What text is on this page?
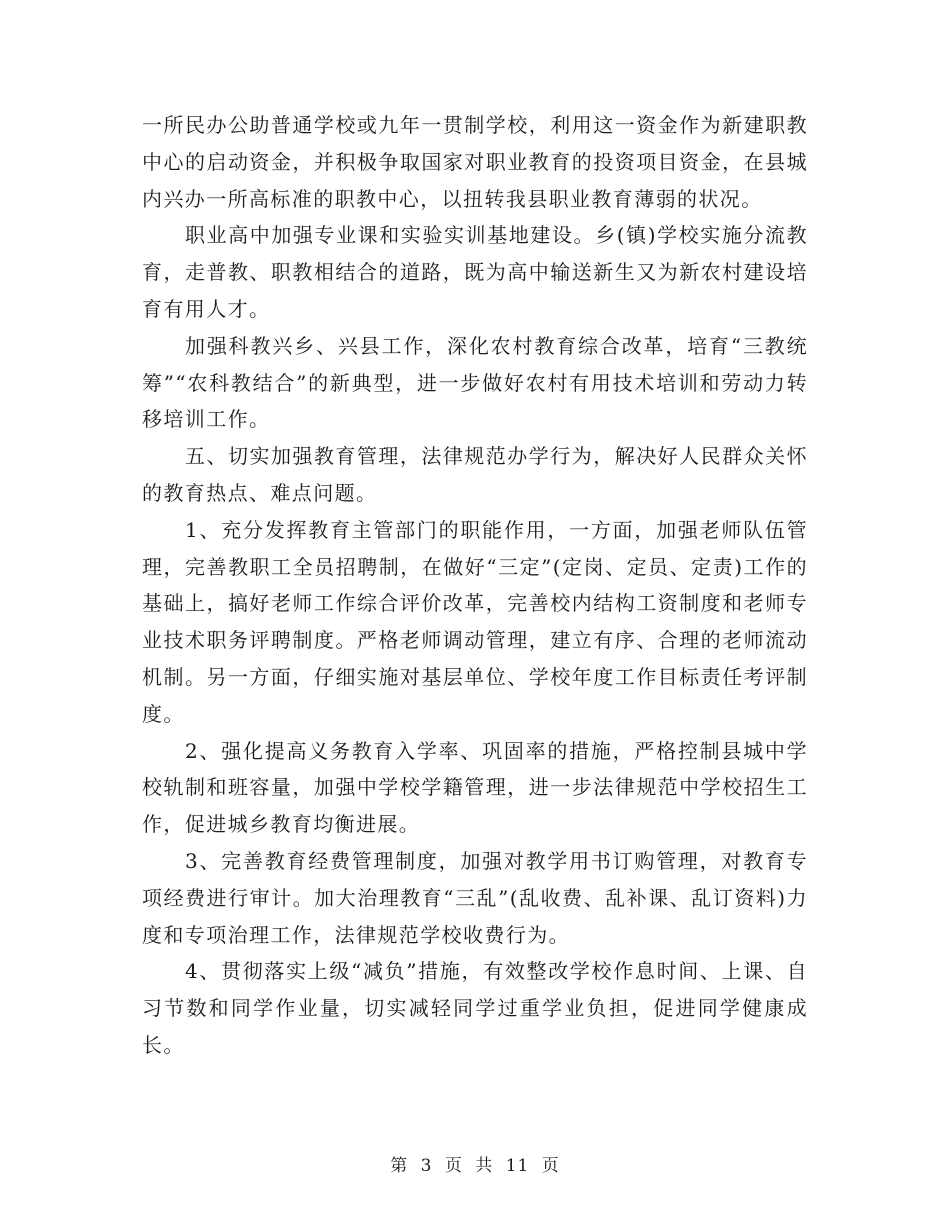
一所民办公助普通学校或九年一贯制学校，利用这一资金作为新建职教中心的启动资金，并积极争取国家对职业教育的投资项目资金，在县城内兴办一所高标准的职教中心，以扭转我县职业教育薄弱的状况。

职业高中加强专业课和实验实训基地建设。乡(镇)学校实施分流教育，走普教、职教相结合的道路，既为高中输送新生又为新农村建设培育有用人才。

加强科教兴乡、兴县工作，深化农村教育综合改革，培育“三教统筹”“农科教结合”的新典型，进一步做好农村有用技术培训和劳动力转移培训工作。

五、切实加强教育管理，法律规范办学行为，解决好人民群众关怀的教育热点、难点问题。

1、充分发挥教育主管部门的职能作用，一方面，加强老师队伍管理，完善教职工全员招聘制，在做好“三定”(定岗、定员、定责)工作的基础上，搞好老师工作综合评价改革，完善校内结构工资制度和老师专业技术职务评聘制度。严格老师调动管理，建立有序、合理的老师流动机制。另一方面，仔细实施对基层单位、学校年度工作目标责任考评制度。

2、强化提高义务教育入学率、巩固率的措施，严格控制县城中学校轨制和班容量，加强中学校学籍管理，进一步法律规范中学校招生工作，促进城乡教育均衡进展。

3、完善教育经费管理制度，加强对教学用书订购管理，对教育专项经费进行审计。加大治理教育“三乱”(乱收费、乱补课、乱订资料)力度和专项治理工作，法律规范学校收费行为。

4、贯彻落实上级“减负”措施，有效整改学校作息时间、上课、自习节数和同学作业量，切实减轻同学过重学业负担，促进同学健康成长。

第 3 页 共 11 页
